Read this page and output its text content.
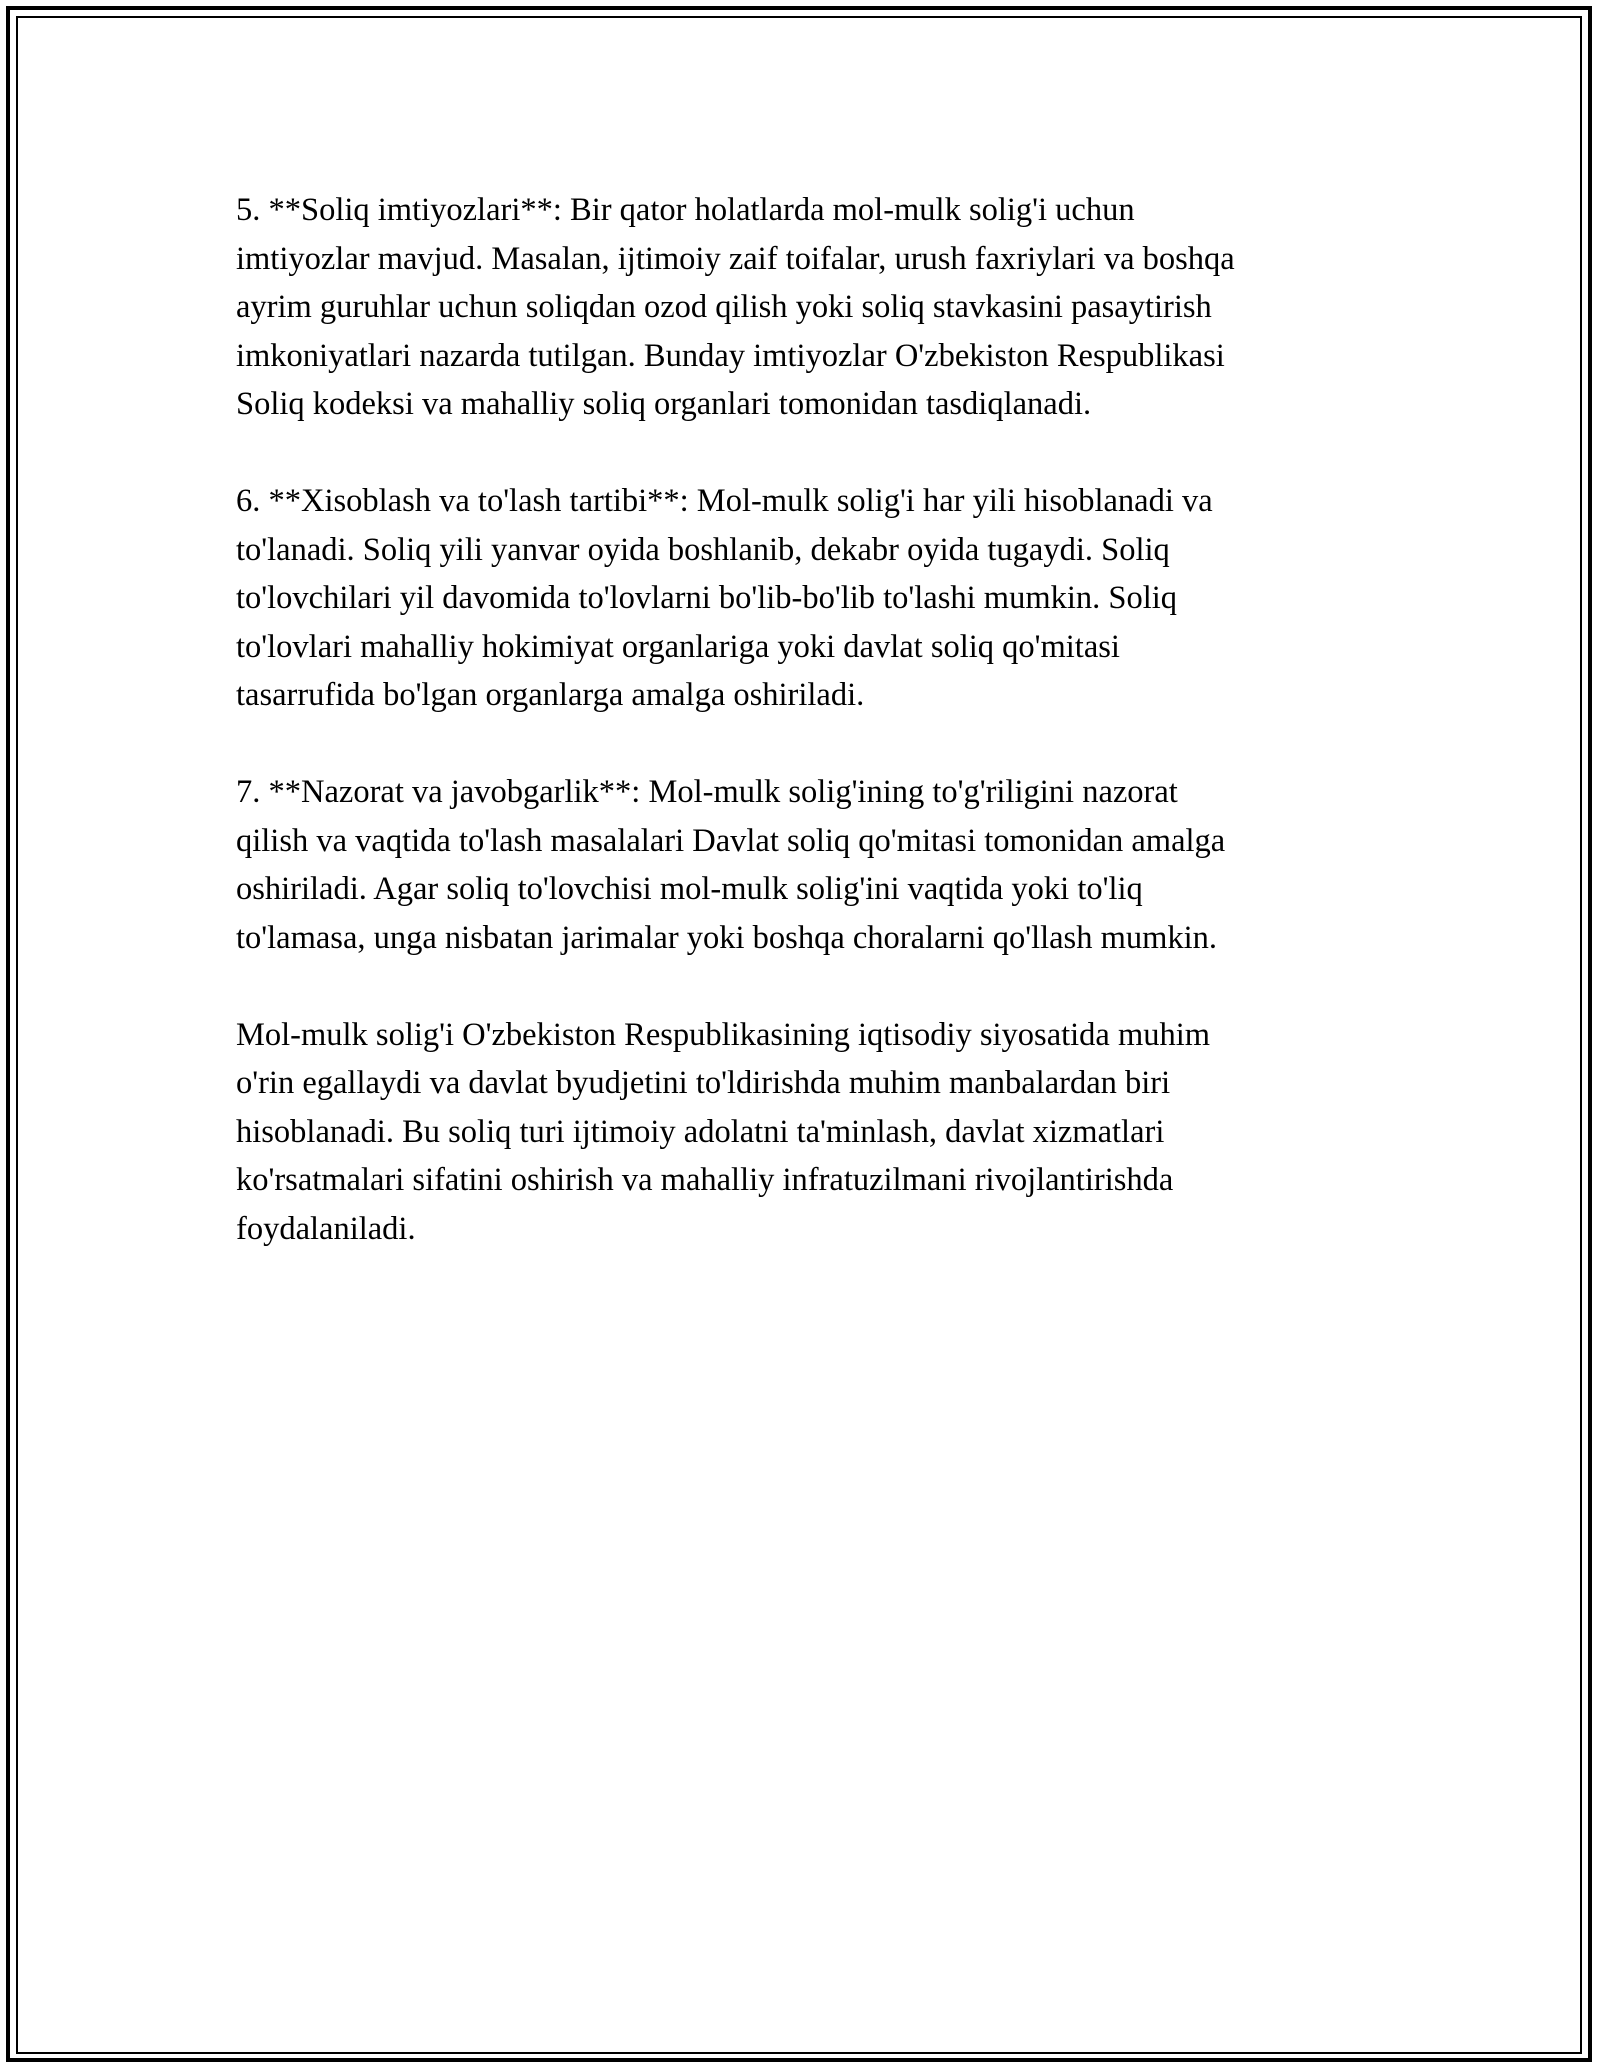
5. **Soliq imtiyozlari**: Bir qator holatlarda mol-mulk solig'i uchun
imtiyozlar mavjud. Masalan, ijtimoiy zaif toifalar, urush faxriylari va boshqa
ayrim guruhlar uchun soliqdan ozod qilish yoki soliq stavkasini pasaytirish
imkoniyatlari nazarda tutilgan. Bunday imtiyozlar O'zbekiston Respublikasi
Soliq kodeksi va mahalliy soliq organlari tomonidan tasdiqlanadi.
6. **Xisoblash va to'lash tartibi**: Mol-mulk solig'i har yili hisoblanadi va
to'lanadi. Soliq yili yanvar oyida boshlanib, dekabr oyida tugaydi. Soliq
to'lovchilari yil davomida to'lovlarni bo'lib-bo'lib to'lashi mumkin. Soliq
to'lovlari mahalliy hokimiyat organlariga yoki davlat soliq qo'mitasi
tasarrufida bo'lgan organlarga amalga oshiriladi.
7. **Nazorat va javobgarlik**: Mol-mulk solig'ining to'g'riligini nazorat
qilish va vaqtida to'lash masalalari Davlat soliq qo'mitasi tomonidan amalga
oshiriladi. Agar soliq to'lovchisi mol-mulk solig'ini vaqtida yoki to'liq
to'lamasa, unga nisbatan jarimalar yoki boshqa choralarni qo'llash mumkin.
Mol-mulk solig'i O'zbekiston Respublikasining iqtisodiy siyosatida muhim
o'rin egallaydi va davlat byudjetini to'ldirishda muhim manbalardan biri
hisoblanadi. Bu soliq turi ijtimoiy adolatni ta'minlash, davlat xizmatlari
ko'rsatmalari sifatini oshirish va mahalliy infratuzilmani rivojlantirishda
foydalaniladi.
